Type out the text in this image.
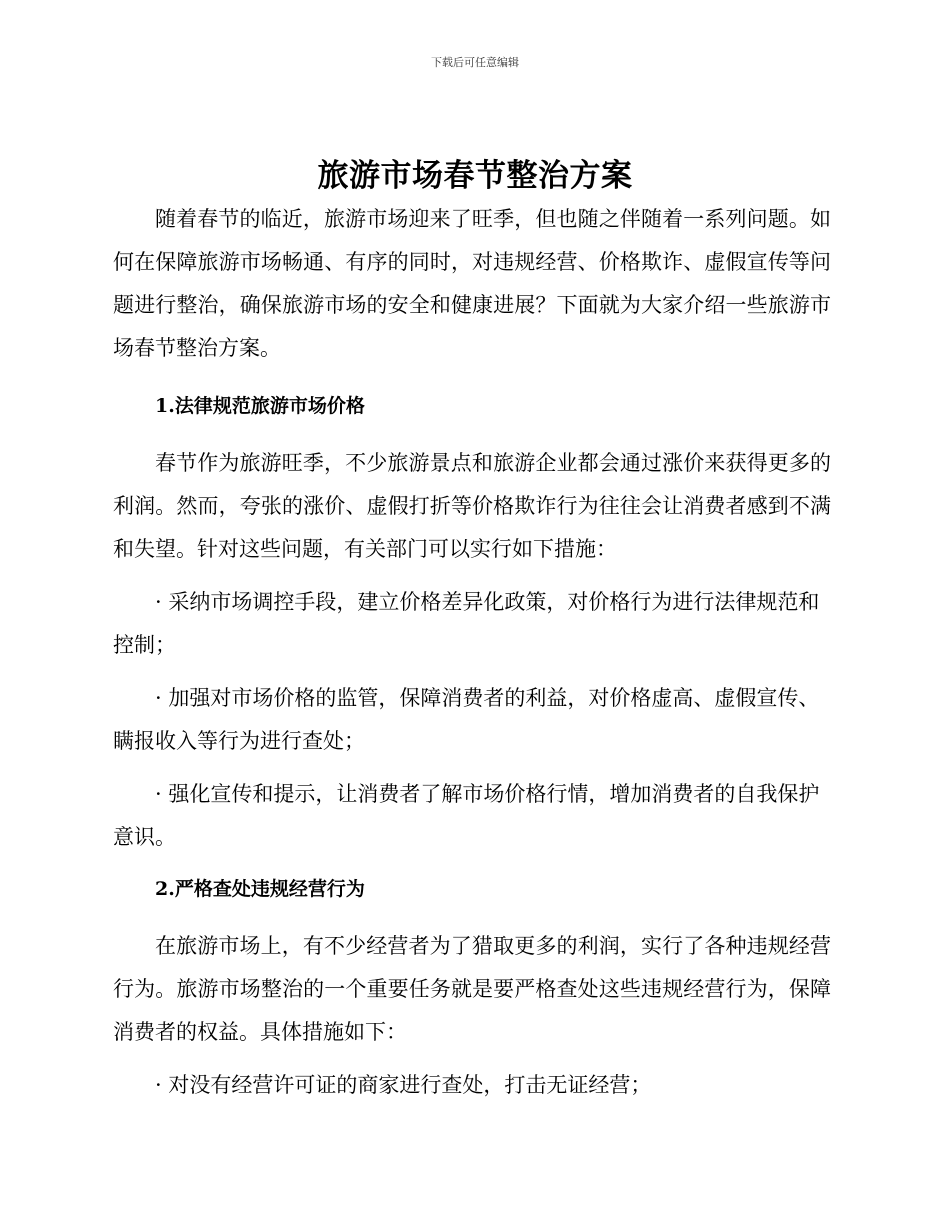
下载后可任意编辑
旅游市场春节整治方案

随着春节的临近，旅游市场迎来了旺季，但也随之伴随着一系列问题。如何在保障旅游市场畅通、有序的同时，对违规经营、价格欺诈、虚假宣传等问题进行整治，确保旅游市场的安全和健康进展？下面就为大家介绍一些旅游市场春节整治方案。

1.法律规范旅游市场价格

春节作为旅游旺季，不少旅游景点和旅游企业都会通过涨价来获得更多的利润。然而，夸张的涨价、虚假打折等价格欺诈行为往往会让消费者感到不满和失望。针对这些问题，有关部门可以实行如下措施：

· 采纳市场调控手段，建立价格差异化政策，对价格行为进行法律规范和控制；

· 加强对市场价格的监管，保障消费者的利益，对价格虚高、虚假宣传、瞒报收入等行为进行查处；

· 强化宣传和提示，让消费者了解市场价格行情，增加消费者的自我保护意识。

2.严格查处违规经营行为

在旅游市场上，有不少经营者为了猎取更多的利润，实行了各种违规经营行为。旅游市场整治的一个重要任务就是要严格查处这些违规经营行为，保障消费者的权益。具体措施如下：

· 对没有经营许可证的商家进行查处，打击无证经营；
